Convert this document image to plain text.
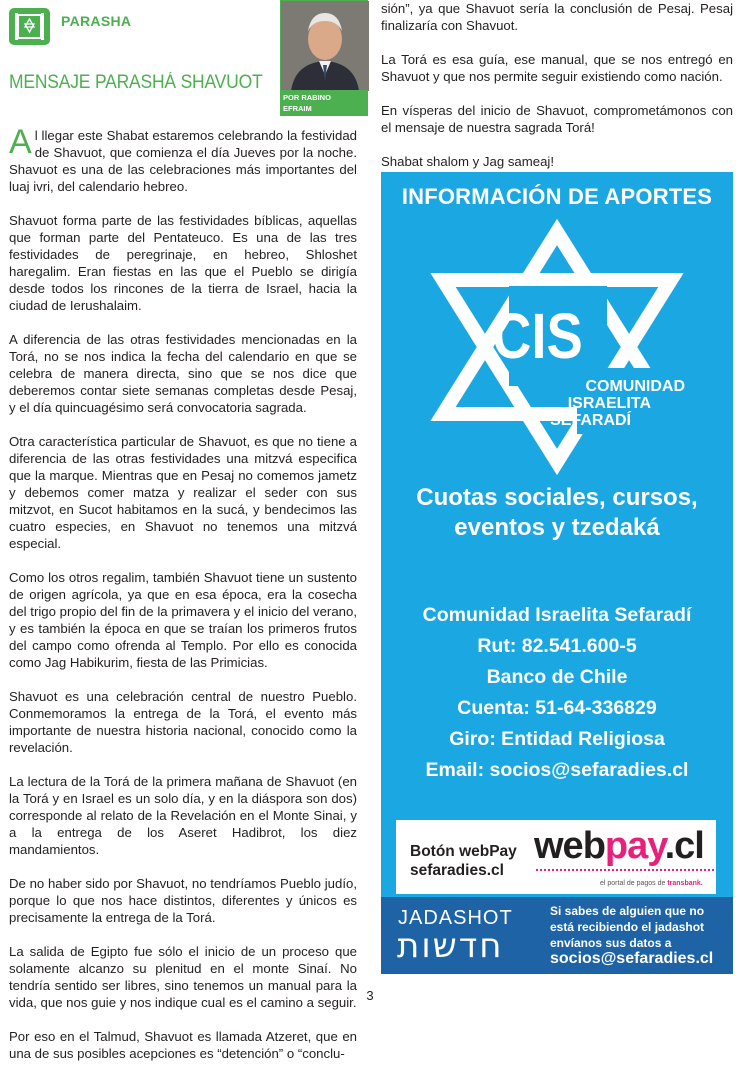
PARASHA
POR RABINO
EFRAIM ROSENZWEIG
MENSAJE PARASHÁ SHAVUOT

Al llegar este Shabat estaremos celebrando la festividad de Shavuot, que comienza el día Jueves por la noche. Shavuot es una de las celebraciones más importantes del luaj ivri, del calendario hebreo.

Shavuot forma parte de las festividades bíblicas, aquellas que forman parte del Pentateuco. Es una de las tres festividades de peregrinaje, en hebreo, Shloshet haregalim. Eran fiestas en las que el Pueblo se dirigía desde todos los rincones de la tierra de Israel, hacia la ciudad de Ierushalaim.

A diferencia de las otras festividades mencionadas en la Torá, no se nos indica la fecha del calendario en que se celebra de manera directa, sino que se nos dice que deberemos contar siete semanas completas desde Pesaj, y el día quincuagésimo será convocatoria sagrada.

Otra característica particular de Shavuot, es que no tiene a diferencia de las otras festividades una mitzvá especifica que la marque. Mientras que en Pesaj no comemos jametz y debemos comer matza y realizar el seder con sus mitzvot, en Sucot habitamos en la sucá, y bendecimos las cuatro especies, en Shavuot no tenemos una mitzvá especial.

Como los otros regalim, también Shavuot tiene un sustento de origen agrícola, ya que en esa época, era la cosecha del trigo propio del fin de la primavera y el inicio del verano, y es también la época en que se traían los primeros frutos del campo como ofrenda al Templo. Por ello es conocida como Jag Habikurim, fiesta de las Primicias.

Shavuot es una celebración central de nuestro Pueblo. Conmemoramos la entrega de la Torá, el evento más importante de nuestra historia nacional, conocido como la revelación.

La lectura de la Torá de la primera mañana de Shavuot (en la Torá y en Israel es un solo día, y en la diáspora son dos) corresponde al relato de la Revelación en el Monte Sinai, y a la entrega de los Aseret Hadibrot, los diez mandamientos.

De no haber sido por Shavuot, no tendríamos Pueblo judío, porque lo que nos hace distintos, diferentes y únicos es precisamente la entrega de la Torá.

La salida de Egipto fue sólo el inicio de un proceso que solamente alcanzo su plenitud en el monte Sinaí. No tendría sentido ser libres, sino tenemos un manual para la vida, que nos guie y nos indique cual es el camino a seguir.

Por eso en el Talmud, Shavuot es llamada Atzeret, que en una de sus posibles acepciones es “detención” o “conclu-

sión”, ya que Shavuot sería la conclusión de Pesaj. Pesaj finalizaría con Shavuot.

La Torá es esa guía, ese manual, que se nos entregó en Shavuot y que nos permite seguir existiendo como nación.

En vísperas del inicio de Shavuot, comprometámonos con el mensaje de nuestra sagrada Torá!

Shabat shalom y Jag sameaj!

INFORMACIÓN DE APORTES
CIS
COMUNIDAD
ISRAELITA
SEFARADÍ
Cuotas sociales, cursos,
eventos y tzedaká
Comunidad Israelita Sefaradí
Rut: 82.541.600-5
Banco de Chile
Cuenta: 51-64-336829
Giro: Entidad Religiosa
Email: socios@sefaradies.cl
Botón webPay
sefaradies.cl
webpay.cl
el portal de pagos de transbank.
JADASHOT
חדשות
Si sabes de alguien que no
está recibiendo el jadashot
envíanos sus datos a
socios@sefaradies.cl
3
